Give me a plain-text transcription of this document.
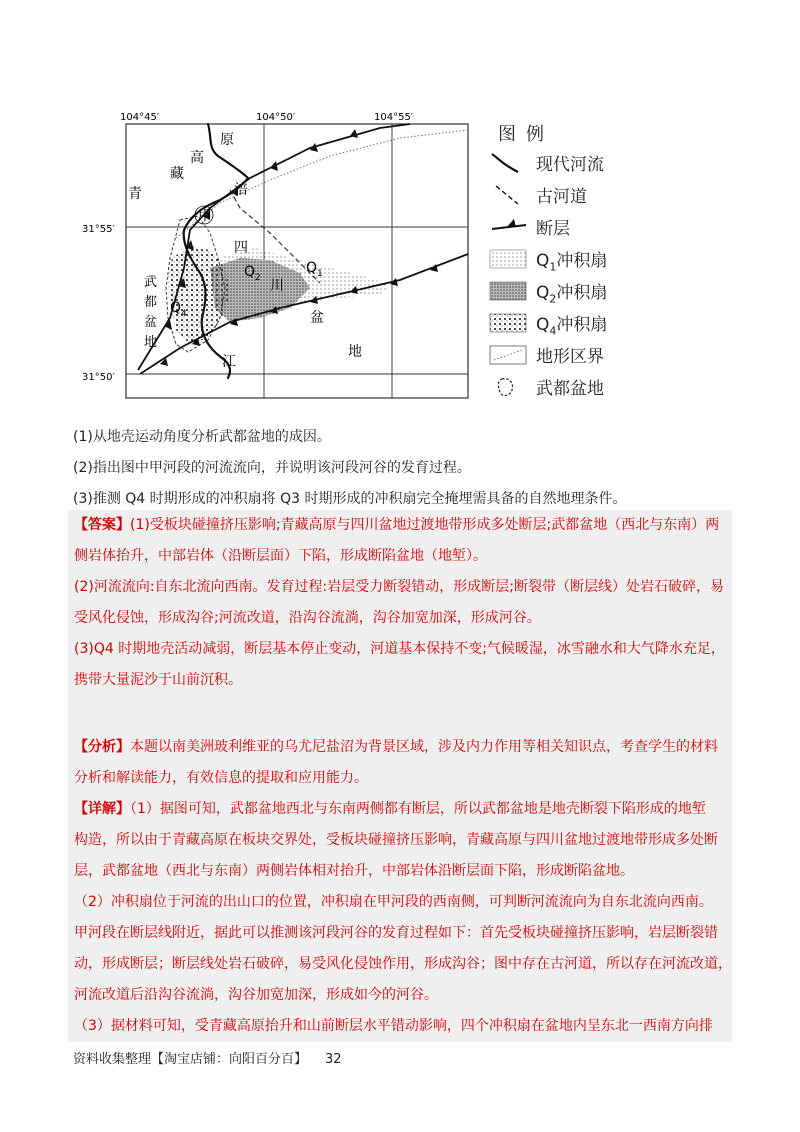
104°45′	104°50′	104°55′
31°55′
31°50′
原
高
藏
青	涪
甲
四
川
盆
地
武
都
盆
地
江
Q 2
Q 1
Q 4
图例
现代河流
古河道
断层
$Q_1$冲积扇
$Q_2$冲积扇
$Q_4$冲积扇
地形区界
武都盆地
(1)从地壳运动角度分析武都盆地的成因。
(2)指出图中甲河段的河流流向，并说明该河段河谷的发育过程。
(3)推测 Q4 时期形成的冲积扇将 Q3 时期形成的冲积扇完全掩埋需具备的自然地理条件。
【答案】(1)受板块碰撞挤压影响;青藏高原与四川盆地过渡地带形成多处断层;武都盆地（西北与东南）两
侧岩体抬升，中部岩体（沿断层面）下陷，形成断陷盆地（地堑）。
(2)河流流向:自东北流向西南。发育过程:岩层受力断裂错动，形成断层;断裂带（断层线）处岩石破碎，易
受风化侵蚀，形成沟谷;河流改道，沿沟谷流淌，沟谷加宽加深，形成河谷。
(3)Q4 时期地壳活动减弱，断层基本停止变动，河道基本保持不变;气候暖湿，冰雪融水和大气降水充足，
携带大量泥沙于山前沉积。
【分析】本题以南美洲玻利维亚的乌尤尼盐沼为背景区域，涉及内力作用等相关知识点，考查学生的材料
分析和解读能力，有效信息的提取和应用能力。
【详解】（1）据图可知，武都盆地西北与东南两侧都有断层，所以武都盆地是地壳断裂下陷形成的地堑
构造，所以由于青藏高原在板块交界处，受板块碰撞挤压影响，青藏高原与四川盆地过渡地带形成多处断
层，武都盆地（西北与东南）两侧岩体相对抬升，中部岩体沿断层面下陷，形成断陷盆地。
（2）冲积扇位于河流的出山口的位置，冲积扇在甲河段的西南侧，可判断河流流向为自东北流向西南。
甲河段在断层线附近，据此可以推测该河段河谷的发育过程如下：首先受板块碰撞挤压影响，岩层断裂错
动，形成断层；断层线处岩石破碎，易受风化侵蚀作用，形成沟谷；图中存在古河道，所以存在河流改道，
河流改道后沿沟谷流淌，沟谷加宽加深，形成如今的河谷。
（3）据材料可知，受青藏高原抬升和山前断层水平错动影响，四个冲积扇在盆地内呈东北一西南方向排
资料收集整理【淘宝店铺：向阳百分百】 32
